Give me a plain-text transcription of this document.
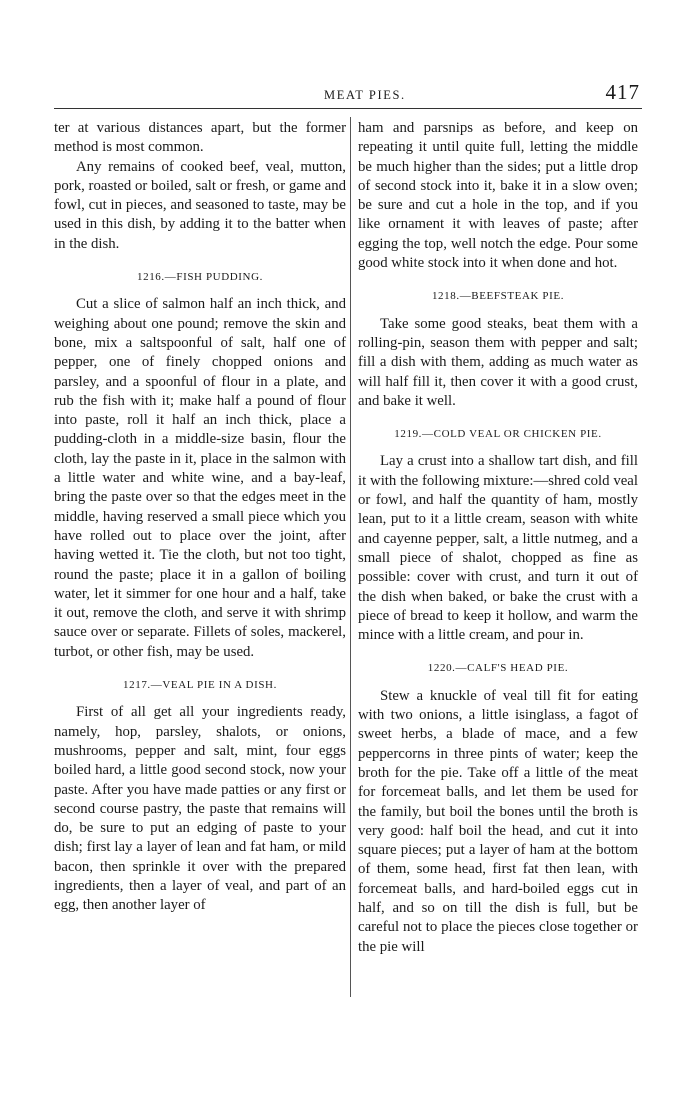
MEAT PIES.	417

ter at various distances apart, but the former method is most common.

Any remains of cooked beef, veal, mutton, pork, roasted or boiled, salt or fresh, or game and fowl, cut in pieces, and seasoned to taste, may be used in this dish, by adding it to the batter when in the dish.

1216.—FISH PUDDING.

Cut a slice of salmon half an inch thick, and weighing about one pound; remove the skin and bone, mix a saltspoonful of salt, half one of pepper, one of finely chopped onions and parsley, and a spoonful of flour in a plate, and rub the fish with it; make half a pound of flour into paste, roll it half an inch thick, place a pudding-cloth in a middle-size basin, flour the cloth, lay the paste in it, place in the salmon with a little water and white wine, and a bay-leaf, bring the paste over so that the edges meet in the middle, having reserved a small piece which you have rolled out to place over the joint, after having wetted it. Tie the cloth, but not too tight, round the paste; place it in a gallon of boiling water, let it simmer for one hour and a half, take it out, remove the cloth, and serve it with shrimp sauce over or separate. Fillets of soles, mackerel, turbot, or other fish, may be used.

1217.—VEAL PIE IN A DISH.

First of all get all your ingredients ready, namely, hop, parsley, shalots, or onions, mushrooms, pepper and salt, mint, four eggs boiled hard, a little good second stock, now your paste. After you have made patties or any first or second course pastry, the paste that remains will do, be sure to put an edging of paste to your dish; first lay a layer of lean and fat ham, or mild bacon, then sprinkle it over with the prepared ingredients, then a layer of veal, and part of an egg, then another layer of

ham and parsnips as before, and keep on repeating it until quite full, letting the middle be much higher than the sides; put a little drop of second stock into it, bake it in a slow oven; be sure and cut a hole in the top, and if you like ornament it with leaves of paste; after egging the top, well notch the edge. Pour some good white stock into it when done and hot.

1218.—BEEFSTEAK PIE.

Take some good steaks, beat them with a rolling-pin, season them with pepper and salt; fill a dish with them, adding as much water as will half fill it, then cover it with a good crust, and bake it well.

1219.—COLD VEAL OR CHICKEN PIE.

Lay a crust into a shallow tart dish, and fill it with the following mixture:—shred cold veal or fowl, and half the quantity of ham, mostly lean, put to it a little cream, season with white and cayenne pepper, salt, a little nutmeg, and a small piece of shalot, chopped as fine as possible: cover with crust, and turn it out of the dish when baked, or bake the crust with a piece of bread to keep it hollow, and warm the mince with a little cream, and pour in.

1220.—CALF'S HEAD PIE.

Stew a knuckle of veal till fit for eating with two onions, a little isinglass, a fagot of sweet herbs, a blade of mace, and a few peppercorns in three pints of water; keep the broth for the pie. Take off a little of the meat for forcemeat balls, and let them be used for the family, but boil the bones until the broth is very good: half boil the head, and cut it into square pieces; put a layer of ham at the bottom of them, some head, first fat then lean, with forcemeat balls, and hard-boiled eggs cut in half, and so on till the dish is full, but be careful not to place the pieces close together or the pie will
